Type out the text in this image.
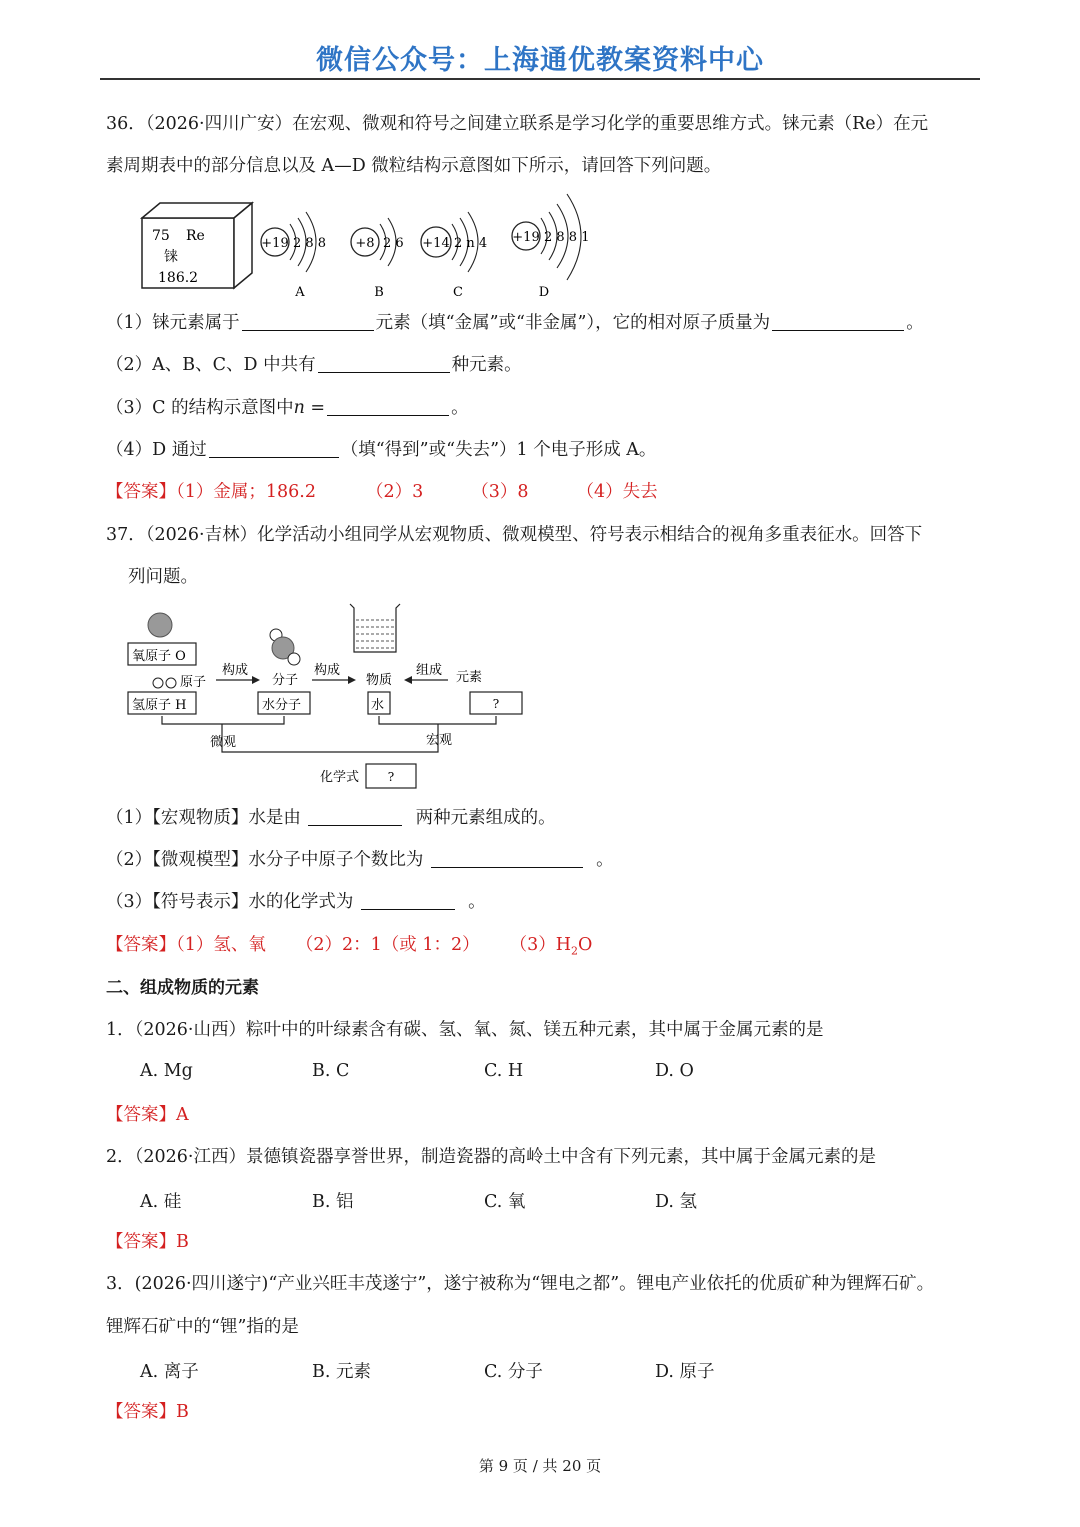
微信公众号：上海通优教案资料中心
36．（2026·四川广安）在宏观、微观和符号之间建立联系是学习化学的重要思维方式。铼元素（Re）在元
素周期表中的部分信息以及 A—D 微粒结构示意图如下所示，请回答下列问题。
75 Re
铼
186.2
+19 2 8 8
A
+8 2 6
B
+14 2 n 4
C
+19 2 8 8 1
D
（1）铼元素属于	元素（填“金属”或“非金属”），它的相对原子质量为	。
（2）A、B、C、D 中共有	种元素。
（3）C 的结构示意图中n =	。
（4）D 通过	（填“得到”或“失去”）1 个电子形成 A。
【答案】（1）金属；186.2	（2）3	（3）8	（4）失去
37．（2026·吉林）化学活动小组同学从宏观物质、微观模型、符号表示相结合的视角多重表征水。回答下
列问题。
氧原子 O
原子
氢原子 H
构成
分子
水分子
构成
物质
水
组成 元素
?
微观	宏观
化学式 ?
（1）【宏观物质】水是由	两种元素组成的。
（2）【微观模型】水分子中原子个数比为	。
（3）【符号表示】水的化学式为	。
【答案】（1）氢、氧 （2）2：1（或 1：2） $(3)H_2O$
二、组成物质的元素
1．（2026·山西）粽叶中的叶绿素含有碳、氢、氧、氮、镁五种元素，其中属于金属元素的是
A. Mg	B. C	C. H	D. O
【答案】A
2．（2026·江西）景德镇瓷器享誉世界，制造瓷器的高岭土中含有下列元素，其中属于金属元素的是
A. 硅	B. 铝	C. 氧	D. 氢
【答案】B
3．(2026·四川遂宁)“产业兴旺丰茂遂宁”，遂宁被称为“锂电之都”。锂电产业依托的优质矿种为锂辉石矿。
锂辉石矿中的“锂”指的是
A. 离子	B. 元素	C. 分子	D. 原子
【答案】B
第 9 页 / 共 20 页
